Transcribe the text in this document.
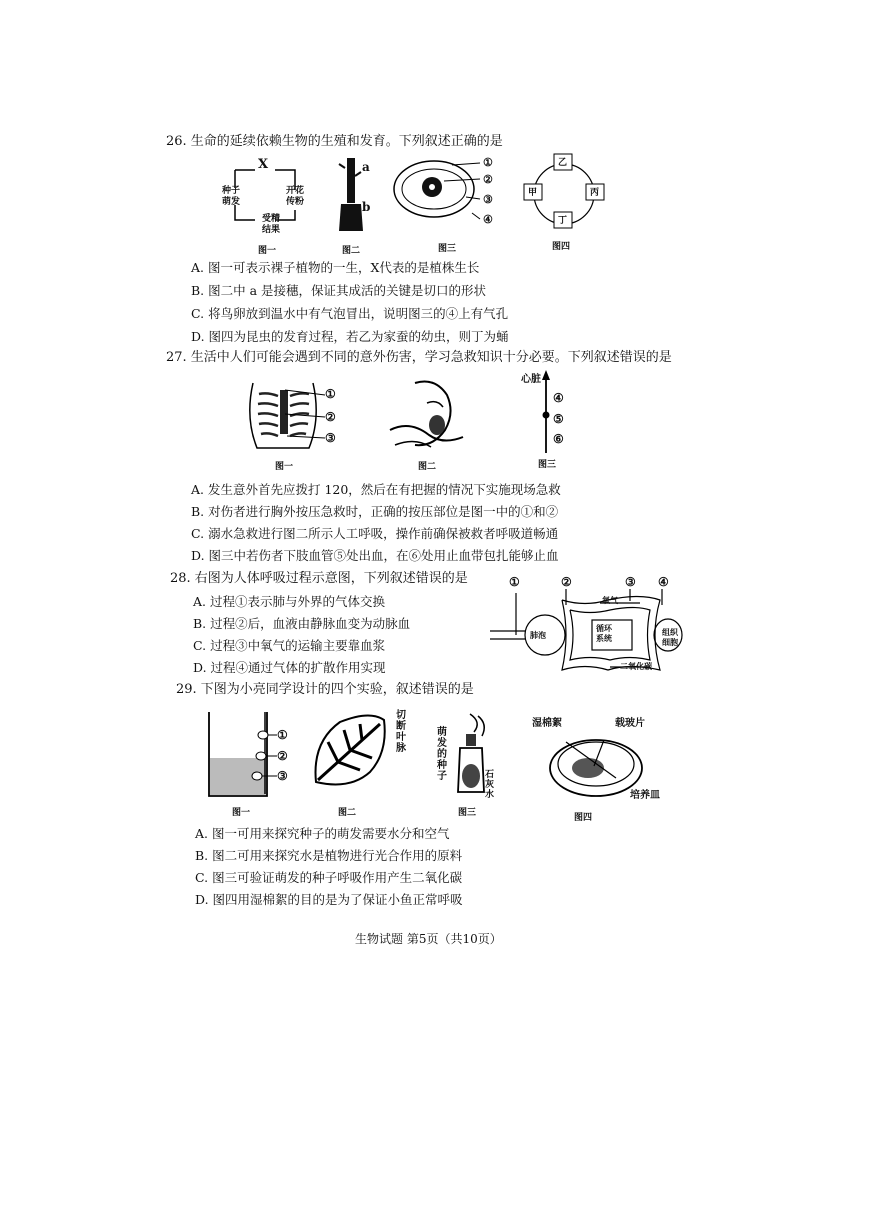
26. 生命的延续依赖生物的生殖和发育。下列叙述正确的是
X
种子
萌发
开花
传粉
受精
结果
图一
a
b
图二
①
②
③
④
图三
乙
甲	丙
丁
图四
A. 图一可表示裸子植物的一生，X代表的是植株生长
B. 图二中 a 是接穗，保证其成活的关键是切口的形状
C. 将鸟卵放到温水中有气泡冒出，说明图三的④上有气孔
D. 图四为昆虫的发育过程，若乙为家蚕的幼虫，则丁为蛹
27. 生活中人们可能会遇到不同的意外伤害，学习急救知识十分必要。下列叙述错误的是
①
②
③
图一	图二
心脏
④
⑤
⑥
图三
A. 发生意外首先应拨打 120，然后在有把握的情况下实施现场急救
B. 对伤者进行胸外按压急救时，正确的按压部位是图一中的①和②
C. 溺水急救进行图二所示人工呼吸，操作前确保被救者呼吸道畅通
D. 图三中若伤者下肢血管⑤处出血，在⑥处用止血带包扎能够止血
28. 右图为人体呼吸过程示意图，下列叙述错误的是
A. 过程①表示肺与外界的气体交换
B. 过程②后，血液由静脉血变为动脉血
C. 过程③中氧气的运输主要靠血浆
D. 过程④通过气体的扩散作用实现
①	②	③ ④
氧气
肺泡
循环
系统
组织
细胞
二氧化碳
29. 下图为小亮同学设计的四个实验，叙述错误的是
①
②
③
图一
切断叶脉
图二
萌发的种子	石灰水
图三
湿棉絮	载玻片
培养皿
图四
A. 图一可用来探究种子的萌发需要水分和空气
B. 图二可用来探究水是植物进行光合作用的原料
C. 图三可验证萌发的种子呼吸作用产生二氧化碳
D. 图四用湿棉絮的目的是为了保证小鱼正常呼吸
生物试题 第5页（共10页）
